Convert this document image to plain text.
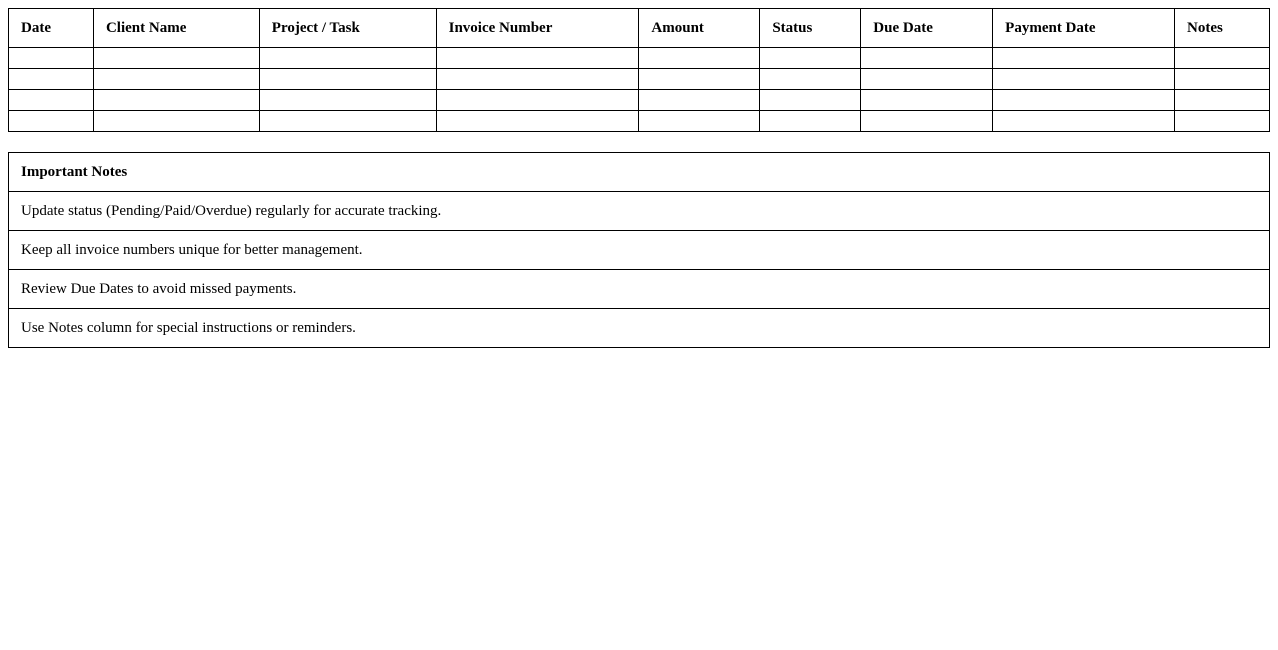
Date	Client Name	Project / Task	Invoice Number	Amount	Status	Due Date	Payment Date	Notes

Important Notes
Update status (Pending/Paid/Overdue) regularly for accurate tracking.
Keep all invoice numbers unique for better management.
Review Due Dates to avoid missed payments.
Use Notes column for special instructions or reminders.
